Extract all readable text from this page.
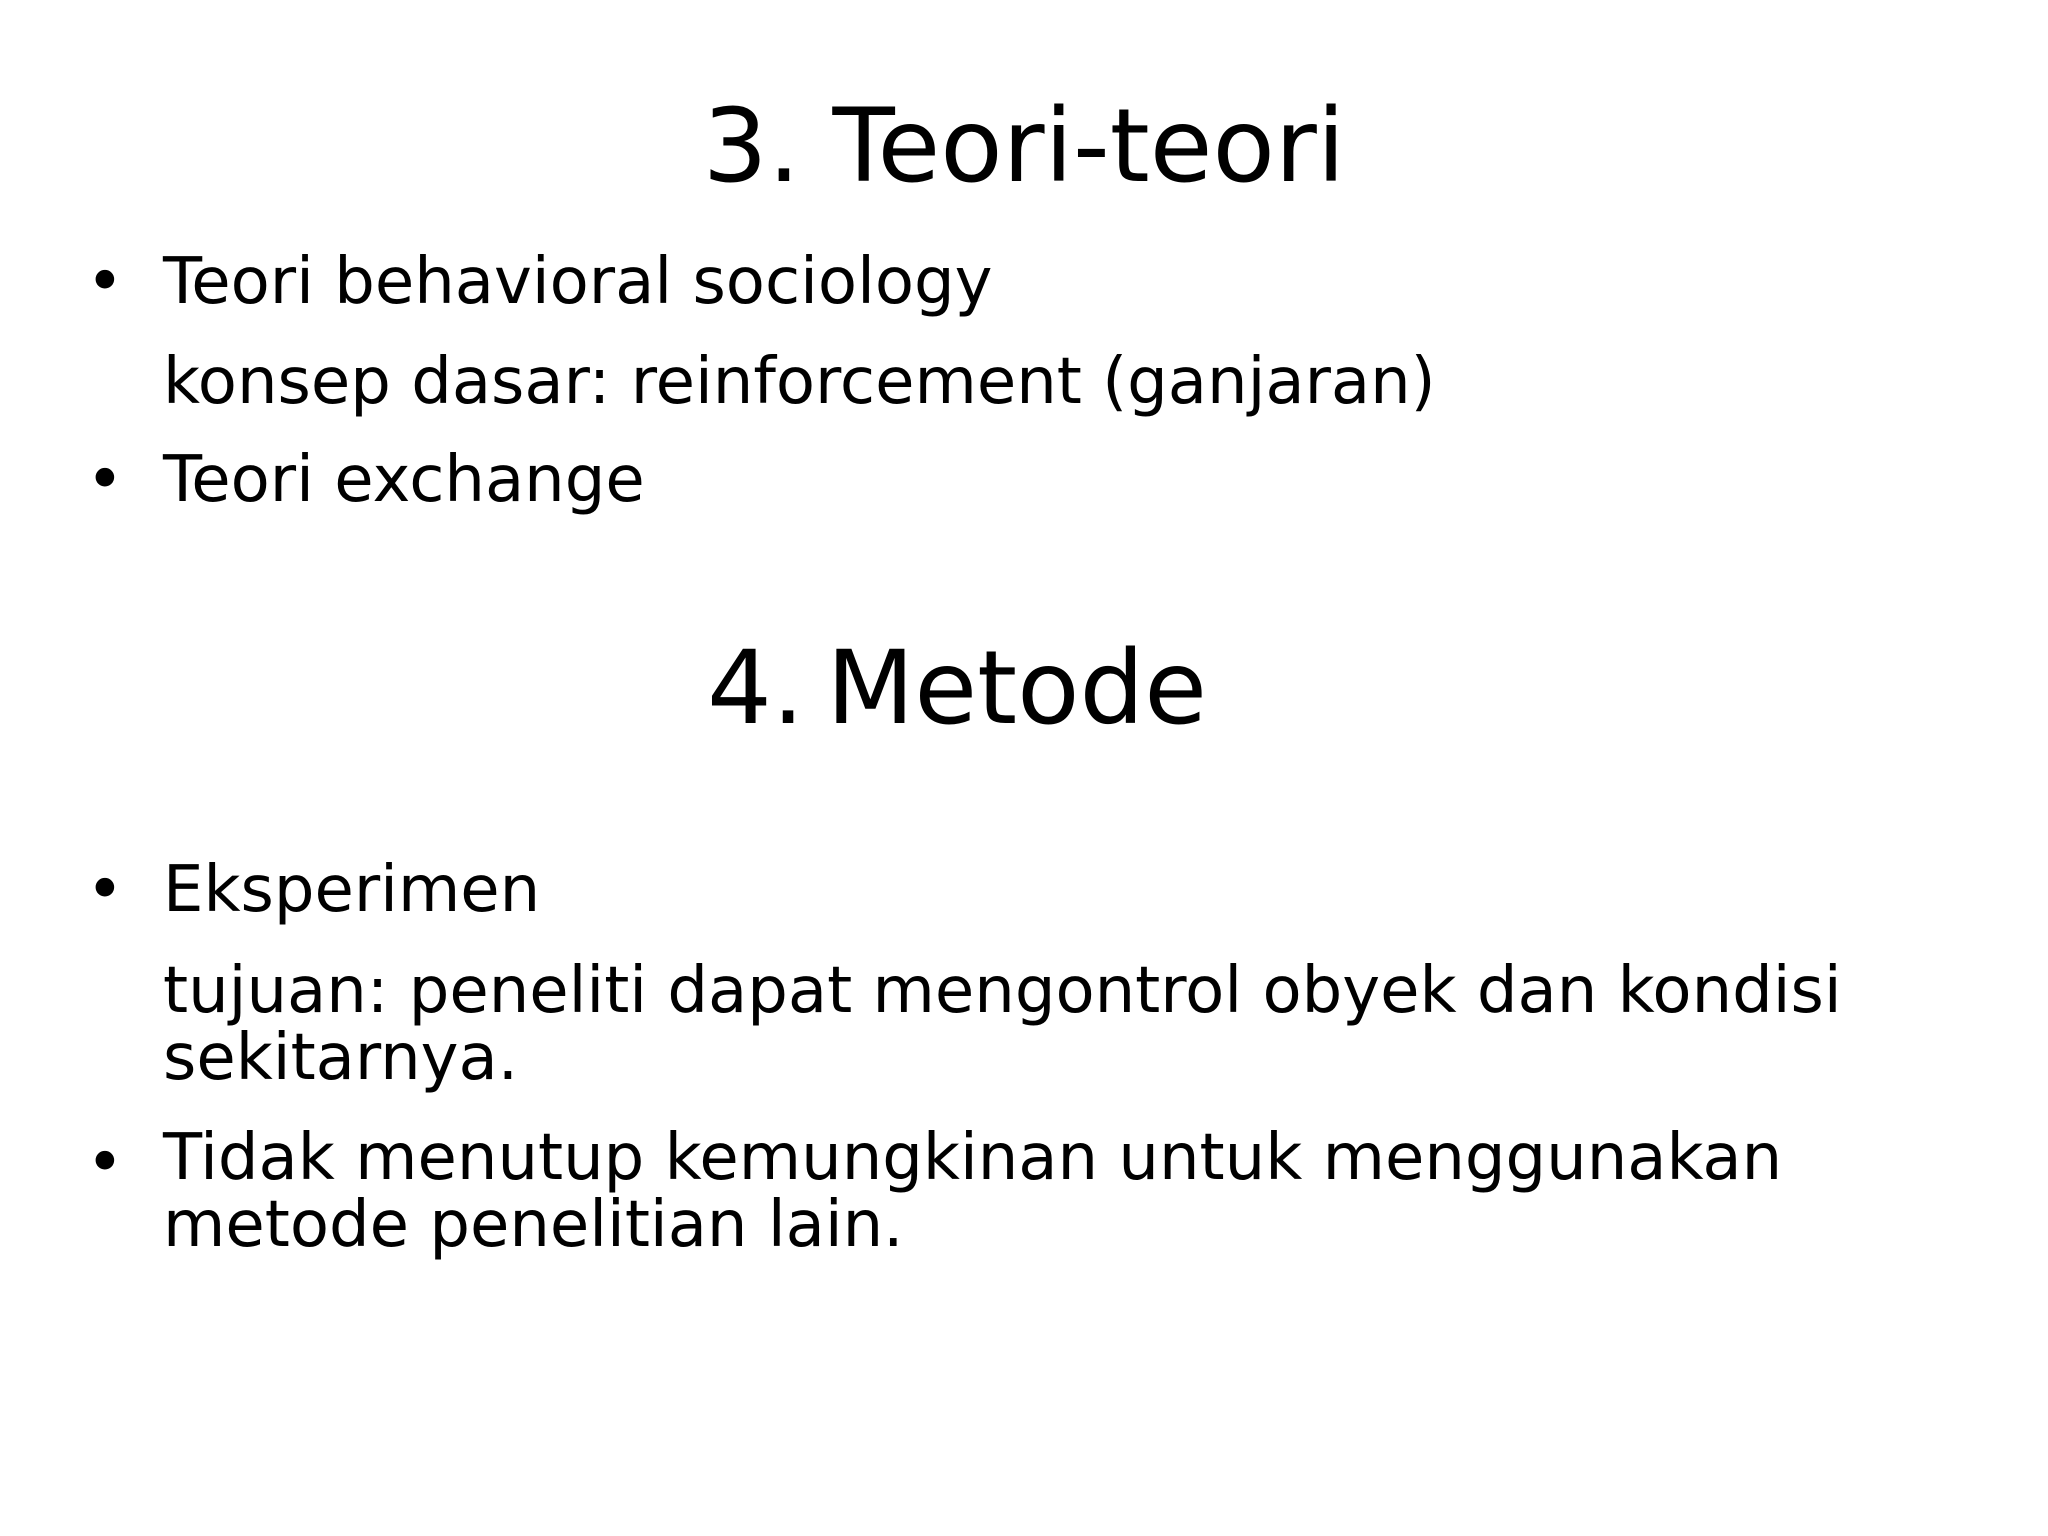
3. Teori-teori
• Teori behavioral sociology
konsep dasar: reinforcement (ganjaran)
• Teori exchange
4. Metode
• Eksperimen
tujuan: peneliti dapat mengontrol obyek dan kondisi
sekitarnya.
• Tidak menutup kemungkinan untuk menggunakan
metode penelitian lain.
